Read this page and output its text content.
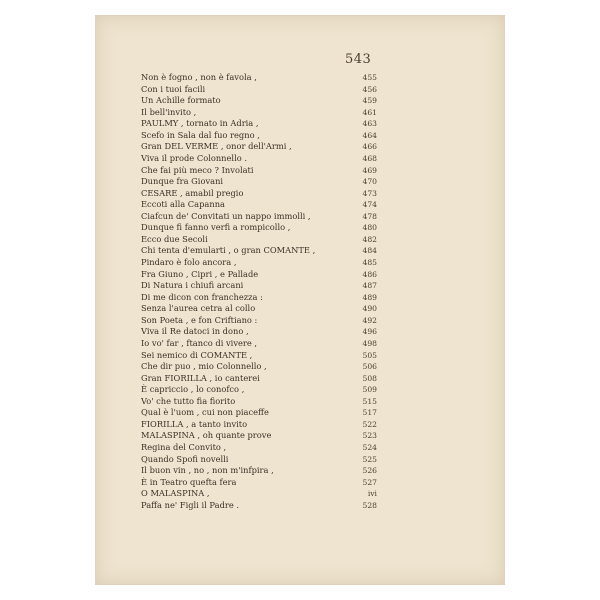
543
Non è fogno , non è favola ,	455
Con i tuoi facili	456
Un Achille formato	459
Il bell'invito ,	461
PAULMY , tornato in Adria ,	463
Scefo in Sala dal fuo regno ,	464
Gran DEL VERME , onor dell'Armi ,	466
Viva il prode Colonnello .	468
Che fai più meco ? Involati	469
Dunque fra Giovani	470
CESARE , amabil pregio	473
Eccoti alla Capanna	474
Ciafcun de' Convitati un nappo immolli ,	478
Dunque fi fanno verfi a rompicollo ,	480
Ecco due Secoli	482
Chi tenta d'emularti , o gran COMANTE ,	484
Pindaro è folo ancora ,	485
Fra Giuno , Cipri , e Pallade	486
Di Natura i chiufi arcani	487
Di me dicon con franchezza :	489
Senza l'aurea cetra al collo	490
Son Poeta , e fon Criftiano :	492
Viva il Re datoci in dono ,	496
Io vo' far , ftanco di vivere ,	498
Sei nemico di COMANTE ,	505
Che dir puo , mio Colonnello ,	506
Gran FIORILLA , io canterei	508
È capriccio , lo conofco ,	509
Vo' che tutto fia fiorito	515
Qual è l'uom , cui non piaceffe	517
FIORILLA , a tanto invito	522
MALASPINA , oh quante prove	523
Regina del Convito ,	524
Quando Spofi novelli	525
Il buon vin , no , non m'infpira ,	526
È in Teatro quefta fera	527
O MALASPINA ,	ivi
Paffa ne' Figli il Padre .	528
